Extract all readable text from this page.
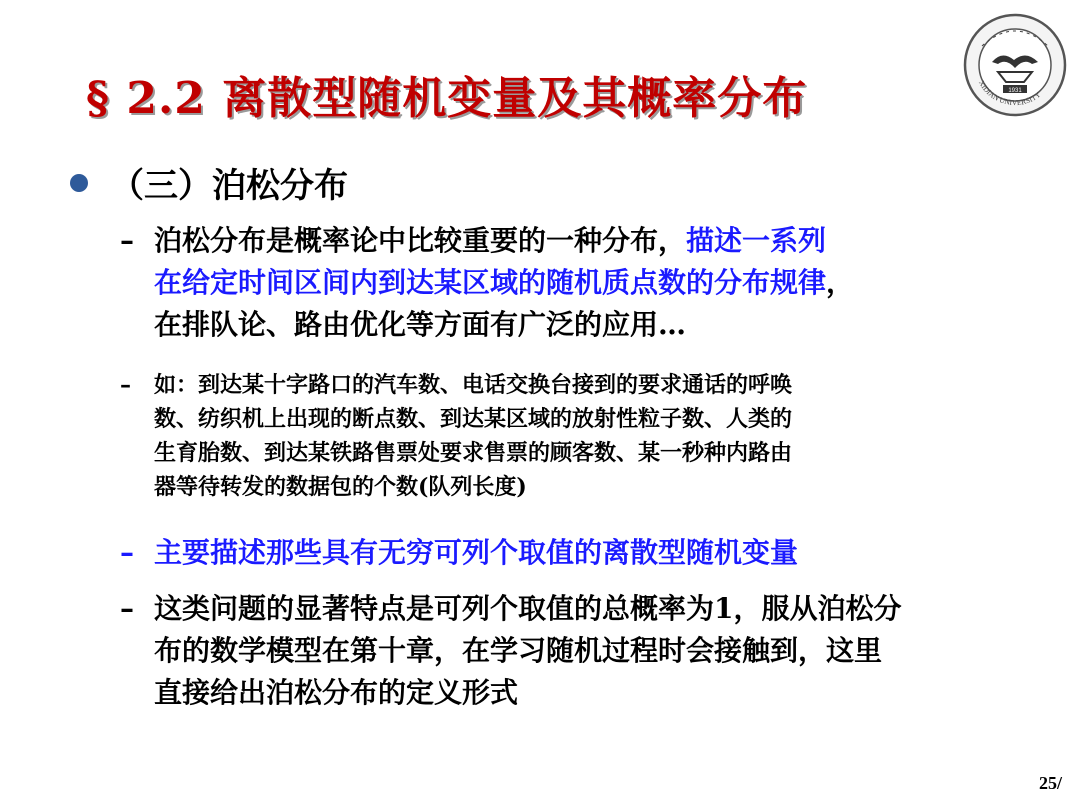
§ 2.2 离散型随机变量及其概率分布	1931
XIDIAN UNIVERSITY
（三）泊松分布
– 泊松分布是概率论中比较重要的一种分布，描述一系列
在给定时间区间内到达某区域的随机质点数的分布规律，
在排队论、路由优化等方面有广泛的应用…
– 如：到达某十字路口的汽车数、电话交换台接到的要求通话的呼唤
数、纺织机上出现的断点数、到达某区域的放射性粒子数、人类的
生育胎数、到达某铁路售票处要求售票的顾客数、某一秒种内路由
器等待转发的数据包的个数(队列长度)
– 主要描述那些具有无穷可列个取值的离散型随机变量
– 这类问题的显著特点是可列个取值的总概率为1，服从泊松分
布的数学模型在第十章，在学习随机过程时会接触到，这里
直接给出泊松分布的定义形式
25/
